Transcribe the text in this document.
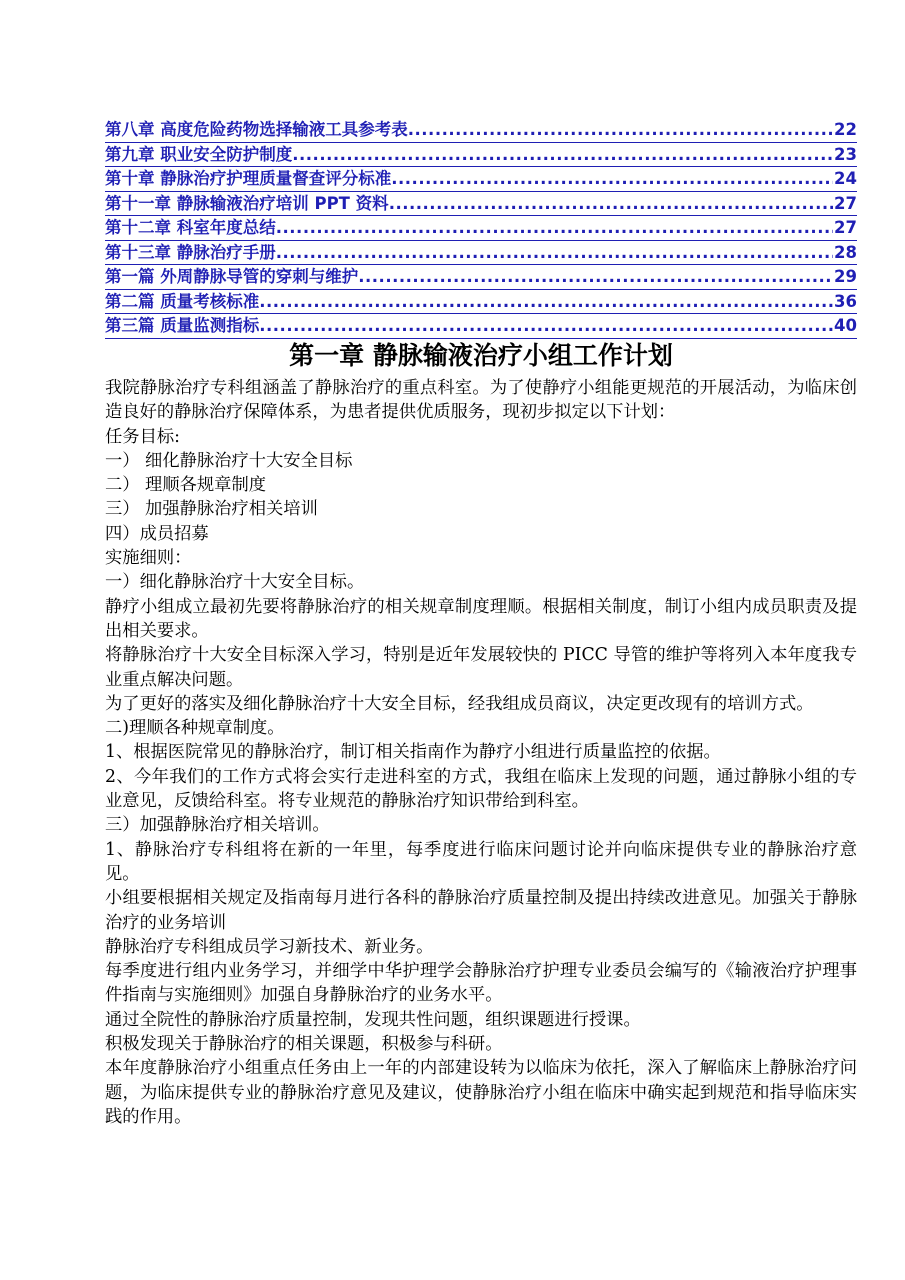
第八章 高度危险药物选择输液工具参考表 .....	22
第九章 职业安全防护制度 .....	23
第十章 静脉治疗护理质量督查评分标准 .....	24
第十一章 静脉输液治疗培训 PPT 资料 .....	27
第十二章 科室年度总结 .....	27
第十三章 静脉治疗手册 .....	28
第一篇 外周静脉导管的穿刺与维护 .....	29
第二篇 质量考核标准 .....	36
第三篇 质量监测指标 .....	40
第一章 静脉输液治疗小组工作计划

我院静脉治疗专科组涵盖了静脉治疗的重点科室。为了使静疗小组能更规范的开展活动，为临床创造良好的静脉治疗保障体系，为患者提供优质服务，现初步拟定以下计划：

任务目标:

一） 细化静脉治疗十大安全目标

二） 理顺各规章制度

三） 加强静脉治疗相关培训

四）成员招募

实施细则：

一）细化静脉治疗十大安全目标。

静疗小组成立最初先要将静脉治疗的相关规章制度理顺。根据相关制度，制订小组内成员职责及提出相关要求。

将静脉治疗十大安全目标深入学习，特别是近年发展较快的 PICC 导管的维护等将列入本年度我专业重点解决问题。

为了更好的落实及细化静脉治疗十大安全目标，经我组成员商议，决定更改现有的培训方式。

二)理顺各种规章制度。

1、根据医院常见的静脉治疗，制订相关指南作为静疗小组进行质量监控的依据。

2、今年我们的工作方式将会实行走进科室的方式，我组在临床上发现的问题，通过静脉小组的专业意见，反馈给科室。将专业规范的静脉治疗知识带给到科室。

三）加强静脉治疗相关培训。

1、静脉治疗专科组将在新的一年里，每季度进行临床问题讨论并向临床提供专业的静脉治疗意见。

小组要根据相关规定及指南每月进行各科的静脉治疗质量控制及提出持续改进意见。加强关于静脉治疗的业务培训

静脉治疗专科组成员学习新技术、新业务。

每季度进行组内业务学习，并细学中华护理学会静脉治疗护理专业委员会编写的《输液治疗护理事件指南与实施细则》加强自身静脉治疗的业务水平。

通过全院性的静脉治疗质量控制，发现共性问题，组织课题进行授课。

积极发现关于静脉治疗的相关课题，积极参与科研。

本年度静脉治疗小组重点任务由上一年的内部建设转为以临床为依托，深入了解临床上静脉治疗问题，为临床提供专业的静脉治疗意见及建议，使静脉治疗小组在临床中确实起到规范和指导临床实践的作用。
